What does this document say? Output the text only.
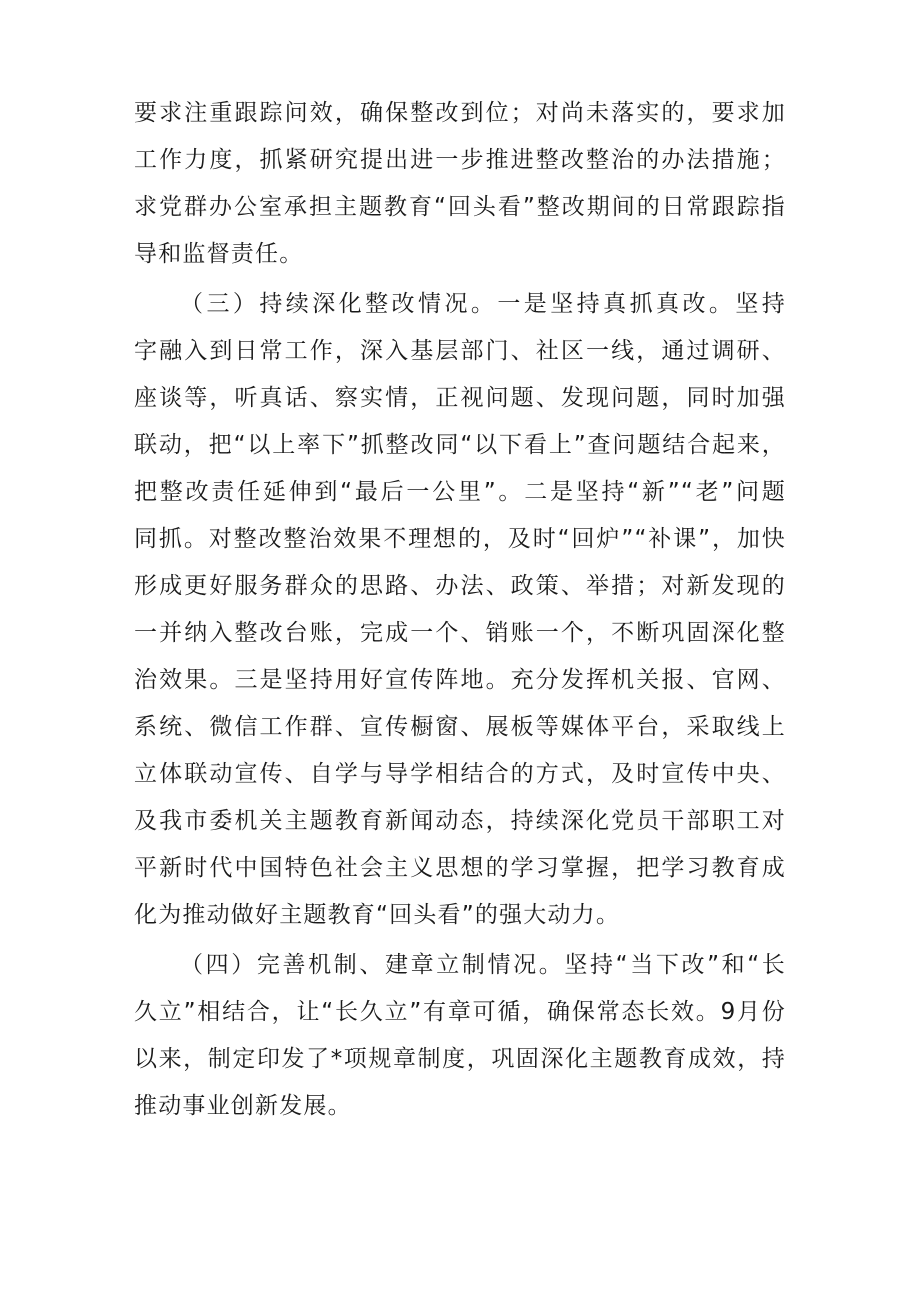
要求注重跟踪问效，确保整改到位；对尚未落实的，要求加
工作力度，抓紧研究提出进一步推进整改整治的办法措施；
求党群办公室承担主题教育“回头看”整改期间的日常跟踪指
导和监督责任。
（三）持续深化整改情况。一是坚持真抓真改。坚持
字融入到日常工作，深入基层部门、社区一线，通过调研、
座谈等，听真话、察实情，正视问题、发现问题，同时加强
联动，把“以上率下”抓整改同“以下看上”查问题结合起来，
把整改责任延伸到“最后一公里”。二是坚持“新”“老”问题
同抓。对整改整治效果不理想的，及时“回炉”“补课”，加快
形成更好服务群众的思路、办法、政策、举措；对新发现的
一并纳入整改台账，完成一个、销账一个，不断巩固深化整
治效果。三是坚持用好宣传阵地。充分发挥机关报、官网、
系统、微信工作群、宣传橱窗、展板等媒体平台，采取线上
立体联动宣传、自学与导学相结合的方式，及时宣传中央、
及我市委机关主题教育新闻动态，持续深化党员干部职工对
平新时代中国特色社会主义思想的学习掌握，把学习教育成
化为推动做好主题教育“回头看”的强大动力。
（四）完善机制、建章立制情况。坚持“当下改”和“长
久立”相结合，让“长久立”有章可循，确保常态长效。9月份
以来，制定印发了*项规章制度，巩固深化主题教育成效，持
推动事业创新发展。
